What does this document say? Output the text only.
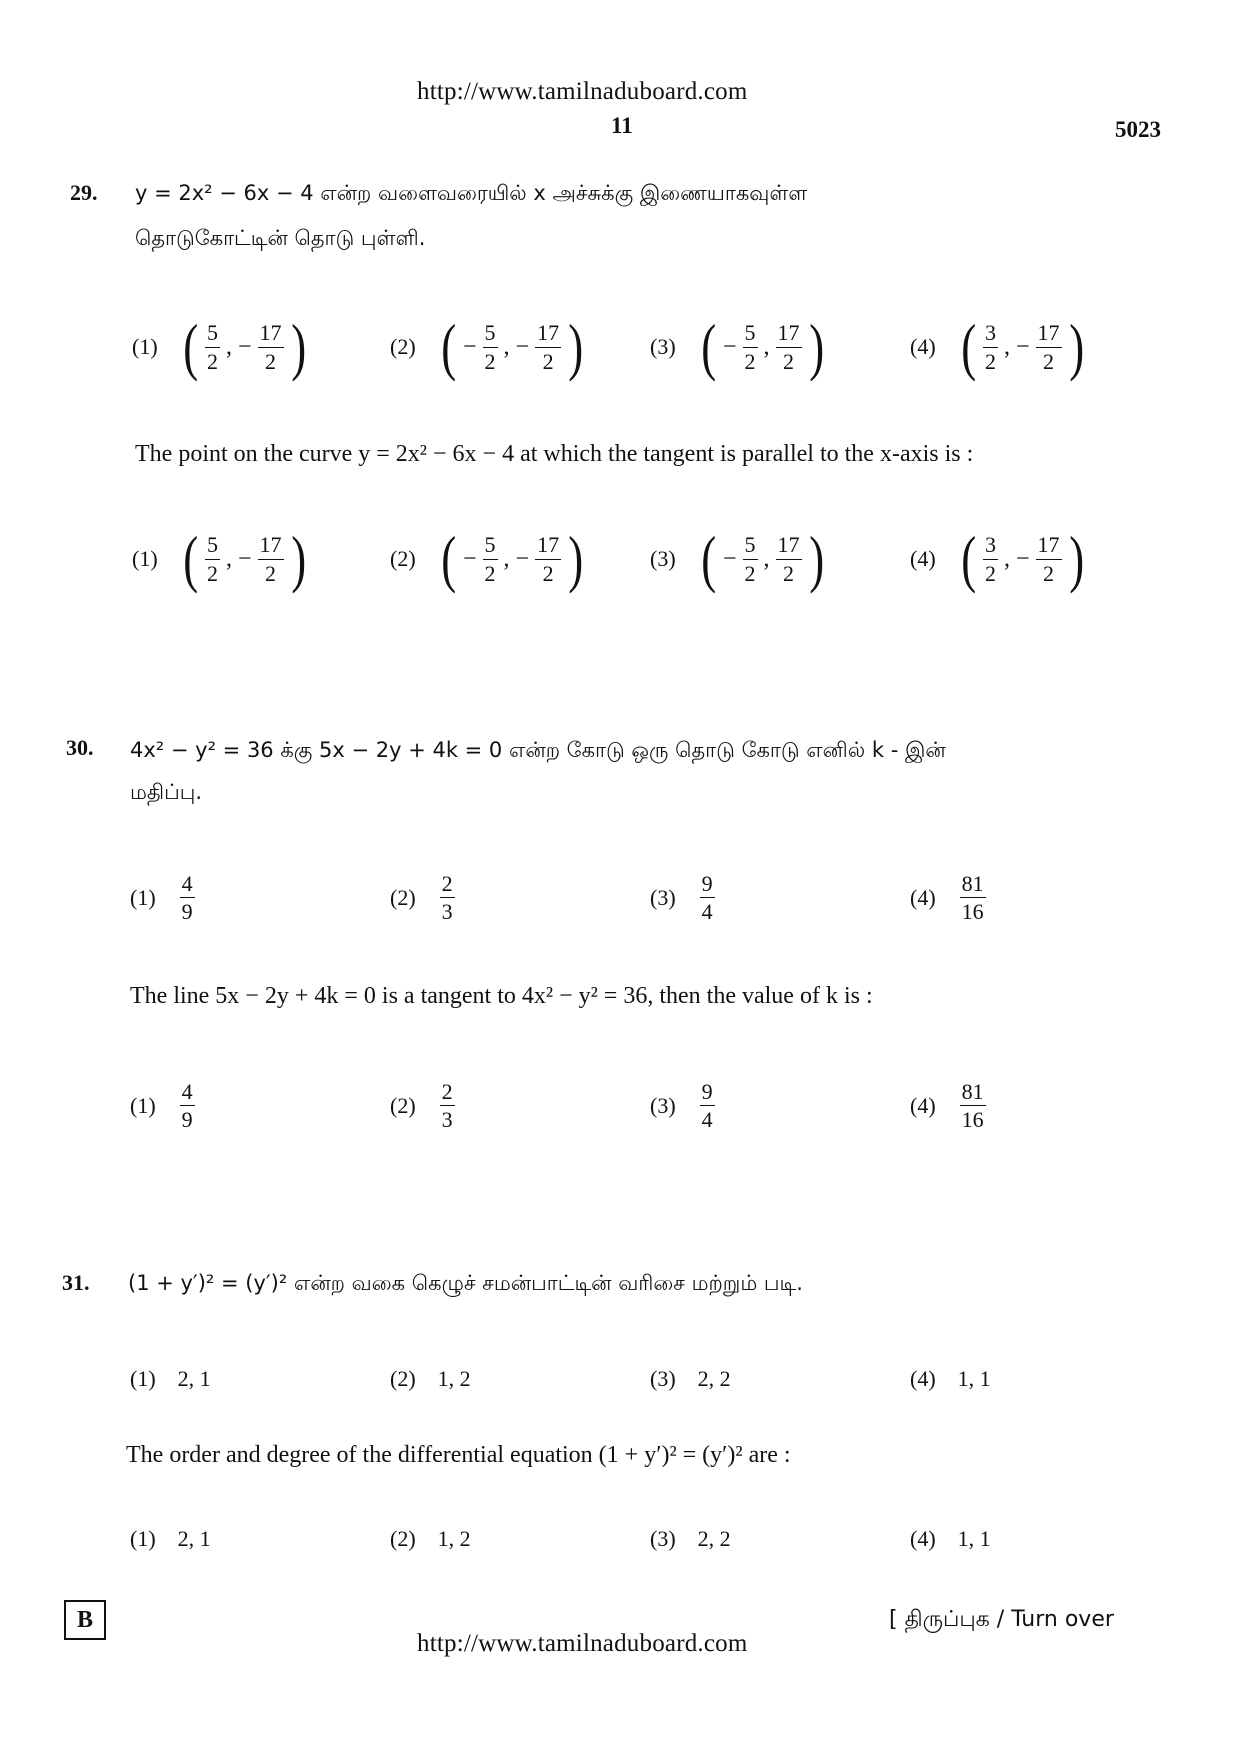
http://www.tamilnaduboard.com
11	5023
29. y = 2x² − 6x − 4 என்ற வளைவரையில் x அச்சுக்கு இணையாகவுள்ள
தொடுகோட்டின் தொடு புள்ளி.
(1) ( $\frac{5}{2}$ , − $\frac{17}{2}$ )	(2) ( − $\frac{5}{2}$ , − $\frac{17}{2}$ )	(3) ( − $\frac{5}{2}$ , $\frac{17}{2}$ )	(4) ( $\frac{3}{2}$ , − $\frac{17}{2}$ )
The point on the curve y = 2x² − 6x − 4 at which the tangent is parallel to the x-axis is :
(1) ( $\frac{5}{2}$ , − $\frac{17}{2}$ )	(2) ( − $\frac{5}{2}$ , − $\frac{17}{2}$ )	(3) ( − $\frac{5}{2}$ , $\frac{17}{2}$ )	(4) ( $\frac{3}{2}$ , − $\frac{17}{2}$ )
30. 4x² − y² = 36 க்கு 5x − 2y + 4k = 0 என்ற கோடு ஒரு தொடு கோடு எனில் k - இன்
மதிப்பு.
$(1) \frac{4}{9}$	$(2) \frac{2}{3}$	$(3) \frac{9}{4}$	$(4) \frac{81}{16}$
The line 5x − 2y + 4k = 0 is a tangent to 4x² − y² = 36, then the value of k is :
$(1) \frac{4}{9}$	$(2) \frac{2}{3}$	$(3) \frac{9}{4}$	$(4) \frac{81}{16}$
31. (1 + y′)² = (y′)² என்ற வகை கெழுச் சமன்பாட்டின் வரிசை மற்றும் படி.
(1) 2, 1	(2) 1, 2	(3) 2, 2	(4) 1, 1
The order and degree of the differential equation (1 + y′)² = (y′)² are :
(1) 2, 1	(2) 1, 2	(3) 2, 2	(4) 1, 1
B	[ திருப்புக / Turn over
http://www.tamilnaduboard.com
